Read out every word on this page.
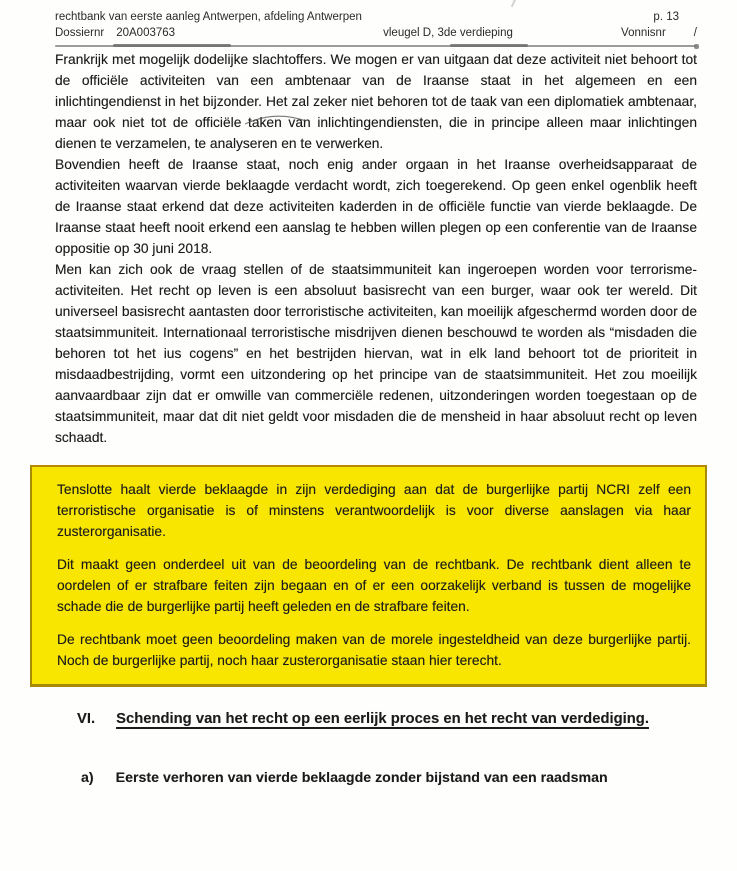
rechtbank van eerste aanleg Antwerpen, afdeling Antwerpen	p. 13
Dossiernr 20A003763	vleugel D, 3de verdieping	Vonnisnr /

Frankrijk met mogelijk dodelijke slachtoffers. We mogen er van uitgaan dat deze activiteit niet behoort tot de officiële activiteiten van een ambtenaar van de Iraanse staat in het algemeen en een inlichtingendienst in het bijzonder. Het zal zeker niet behoren tot de taak van een diplomatiek ambtenaar, maar ook niet tot de officiële taken van inlichtingendiensten, die in principe alleen maar inlichtingen dienen te verzamelen, te analyseren en te verwerken.

Bovendien heeft de Iraanse staat, noch enig ander orgaan in het Iraanse overheidsapparaat de activiteiten waarvan vierde beklaagde verdacht wordt, zich toegerekend. Op geen enkel ogenblik heeft de Iraanse staat erkend dat deze activiteiten kaderden in de officiële functie van vierde beklaagde. De Iraanse staat heeft nooit erkend een aanslag te hebben willen plegen op een conferentie van de Iraanse oppositie op 30 juni 2018.

Men kan zich ook de vraag stellen of de staatsimmuniteit kan ingeroepen worden voor terrorisme-activiteiten. Het recht op leven is een absoluut basisrecht van een burger, waar ook ter wereld. Dit universeel basisrecht aantasten door terroristische activiteiten, kan moeilijk afgeschermd worden door de staatsimmuniteit. Internationaal terroristische misdrijven dienen beschouwd te worden als “misdaden die behoren tot het ius cogens” en het bestrijden hiervan, wat in elk land behoort tot de prioriteit in misdaadbestrijding, vormt een uitzondering op het principe van de staatsimmuniteit. Het zou moeilijk aanvaardbaar zijn dat er omwille van commerciële redenen, uitzonderingen worden toegestaan op de staatsimmuniteit, maar dat dit niet geldt voor misdaden die de mensheid in haar absoluut recht op leven schaadt.

Tenslotte haalt vierde beklaagde in zijn verdediging aan dat de burgerlijke partij NCRI zelf een terroristische organisatie is of minstens verantwoordelijk is voor diverse aanslagen via haar zusterorganisatie.

Dit maakt geen onderdeel uit van de beoordeling van de rechtbank. De rechtbank dient alleen te oordelen of er strafbare feiten zijn begaan en of er een oorzakelijk verband is tussen de mogelijke schade die de burgerlijke partij heeft geleden en de strafbare feiten.

De rechtbank moet geen beoordeling maken van de morele ingesteldheid van deze burgerlijke partij. Noch de burgerlijke partij, noch haar zusterorganisatie staan hier terecht.

VI. Schending van het recht op een eerlijk proces en het recht van verdediging.
a) Eerste verhoren van vierde beklaagde zonder bijstand van een raadsman
